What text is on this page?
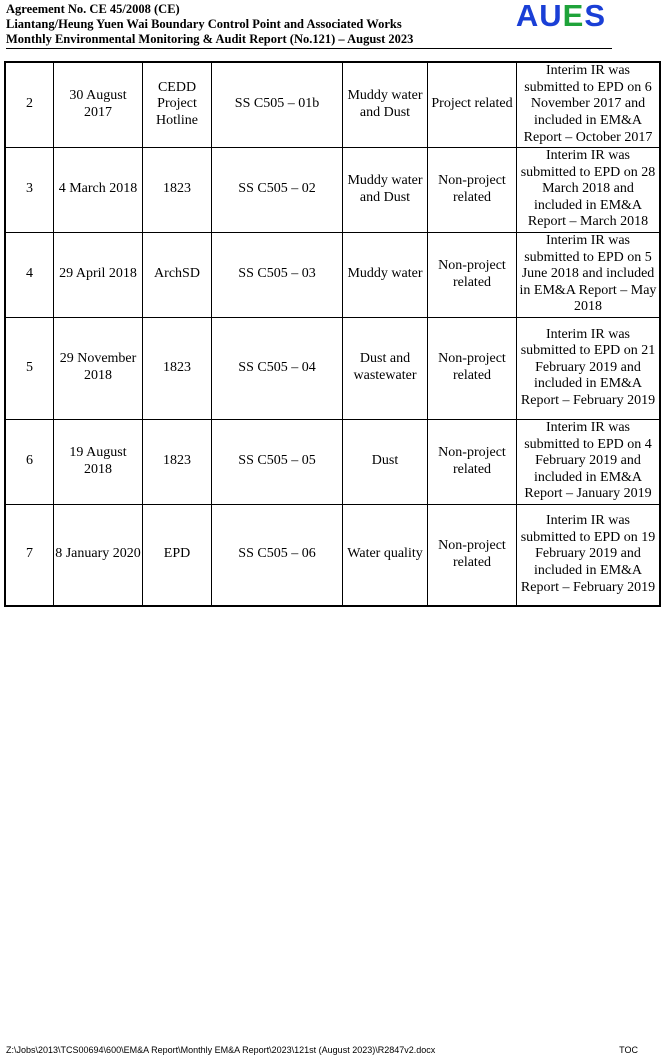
Agreement No. CE 45/2008 (CE)
Liantang/Heung Yuen Wai Boundary Control Point and Associated Works
Monthly Environmental Monitoring & Audit Report (No.121) – August 2023
AUES
2	30 August 2017	CEDD Project Hotline	SS C505 – 01b	Muddy water and Dust	Project related	Interim IR was submitted to EPD on 6 November 2017 and included in EM&A Report – October 2017
3	4 March 2018	1823	SS C505 – 02	Muddy water and Dust	Non-project related	Interim IR was submitted to EPD on 28 March 2018 and included in EM&A Report – March 2018
4	29 April 2018	ArchSD	SS C505 – 03	Muddy water	Non-project related	Interim IR was submitted to EPD on 5 June 2018 and included in EM&A Report – May 2018
5	29 November 2018	1823	SS C505 – 04	Dust and wastewater	Non-project related	Interim IR was submitted to EPD on 21 February 2019 and included in EM&A Report – February 2019
6	19 August 2018	1823	SS C505 – 05	Dust	Non-project related	Interim IR was submitted to EPD on 4 February 2019 and included in EM&A Report – January 2019
7	8 January 2020	EPD	SS C505 – 06	Water quality	Non-project related	Interim IR was submitted to EPD on 19 February 2019 and included in EM&A Report – February 2019
Z:\Jobs\2013\TCS00694\600\EM&A Report\Monthly EM&A Report\2023\121st (August 2023)\R2847v2.docx	TOC
